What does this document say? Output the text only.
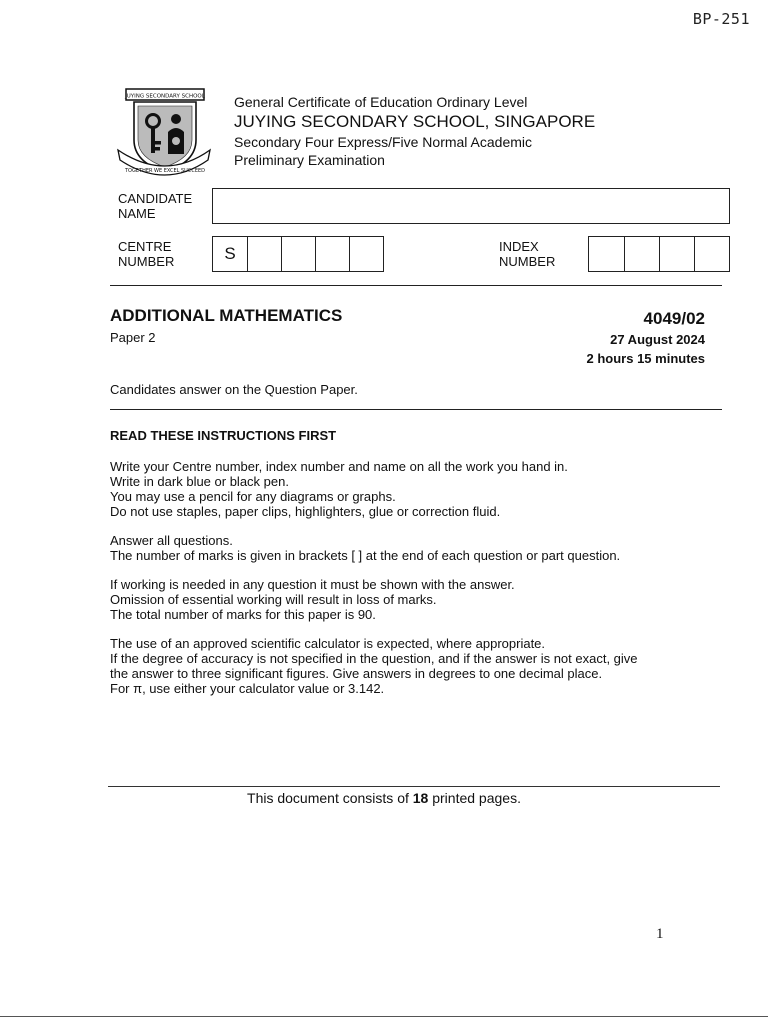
BP-251
JUYING SECONDARY SCHOOL
TOGETHER WE EXCEL SUCCEED
General Certificate of Education Ordinary Level
JUYING SECONDARY SCHOOL, SINGAPORE
Secondary Four Express/Five Normal Academic
Preliminary Examination
CANDIDATE
NAME
CENTRE
NUMBER	S	INDEX
NUMBER
ADDITIONAL MATHEMATICS
Paper 2
4049/02
27 August 2024
2 hours 15 minutes
Candidates answer on the Question Paper.
READ THESE INSTRUCTIONS FIRST
Write your Centre number, index number and name on all the work you hand in.
Write in dark blue or black pen.
You may use a pencil for any diagrams or graphs.
Do not use staples, paper clips, highlighters, glue or correction fluid.
Answer all questions.
The number of marks is given in brackets [ ] at the end of each question or part question.
If working is needed in any question it must be shown with the answer.
Omission of essential working will result in loss of marks.
The total number of marks for this paper is 90.
The use of an approved scientific calculator is expected, where appropriate.
If the degree of accuracy is not specified in the question, and if the answer is not exact, give
the answer to three significant figures. Give answers in degrees to one decimal place.
For π, use either your calculator value or 3.142.
This document consists of 18 printed pages.
1
